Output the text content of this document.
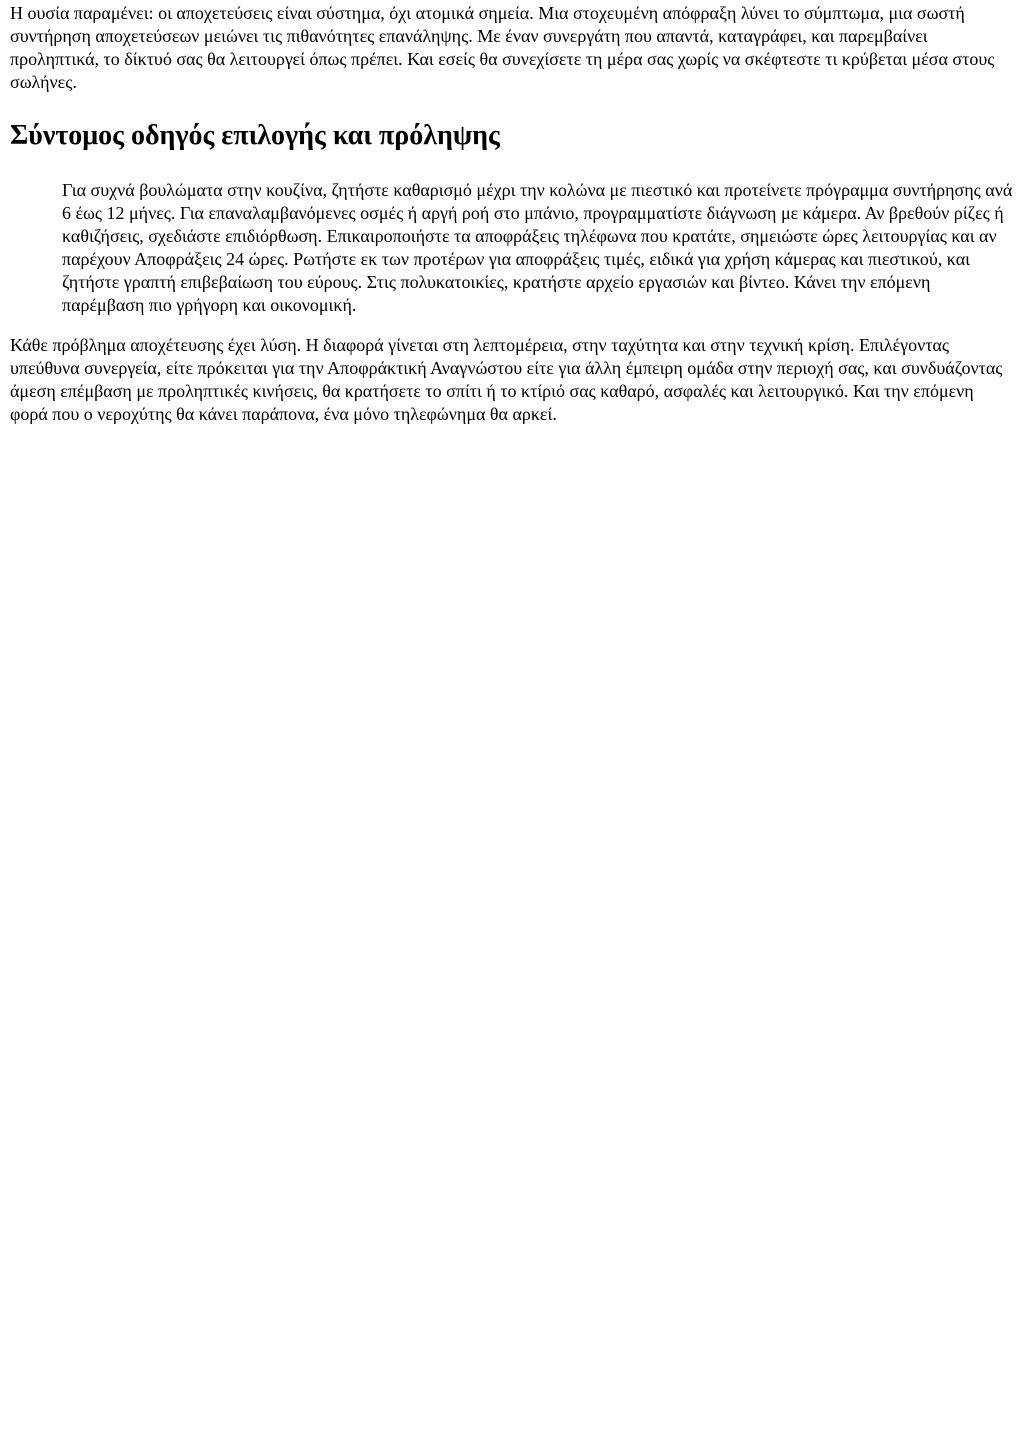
Η ουσία παραμένει: οι αποχετεύσεις είναι σύστημα, όχι ατομικά σημεία. Μια στοχευμένη απόφραξη λύνει το σύμπτωμα, μια σωστή συντήρηση αποχετεύσεων μειώνει τις πιθανότητες επανάληψης. Με έναν συνεργάτη που απαντά, καταγράφει, και παρεμβαίνει προληπτικά, το δίκτυό σας θα λειτουργεί όπως πρέπει. Και εσείς θα συνεχίσετε τη μέρα σας χωρίς να σκέφτεστε τι κρύβεται μέσα στους σωλήνες.

Σύντομος οδηγός επιλογής και πρόληψης

Για συχνά βουλώματα στην κουζίνα, ζητήστε καθαρισμό μέχρι την κολώνα με πιεστικό και προτείνετε πρόγραμμα συντήρησης ανά 6 έως 12 μήνες. Για επαναλαμβανόμενες οσμές ή αργή ροή στο μπάνιο, προγραμματίστε διάγνωση με κάμερα. Αν βρεθούν ρίζες ή καθιζήσεις, σχεδιάστε επιδιόρθωση. Επικαιροποιήστε τα αποφράξεις τηλέφωνα που κρατάτε, σημειώστε ώρες λειτουργίας και αν παρέχουν Αποφράξεις 24 ώρες. Ρωτήστε εκ των προτέρων για αποφράξεις τιμές, ειδικά για χρήση κάμερας και πιεστικού, και ζητήστε γραπτή επιβεβαίωση του εύρους. Στις πολυκατοικίες, κρατήστε αρχείο εργασιών και βίντεο. Κάνει την επόμενη παρέμβαση πιο γρήγορη και οικονομική.

Κάθε πρόβλημα αποχέτευσης έχει λύση. Η διαφορά γίνεται στη λεπτομέρεια, στην ταχύτητα και στην τεχνική κρίση. Επιλέγοντας υπεύθυνα συνεργεία, είτε πρόκειται για την Αποφράκτική Αναγνώστου είτε για άλλη έμπειρη ομάδα στην περιοχή σας, και συνδυάζοντας άμεση επέμβαση με προληπτικές κινήσεις, θα κρατήσετε το σπίτι ή το κτίριό σας καθαρό, ασφαλές και λειτουργικό. Και την επόμενη φορά που ο νεροχύτης θα κάνει παράπονα, ένα μόνο τηλεφώνημα θα αρκεί.
